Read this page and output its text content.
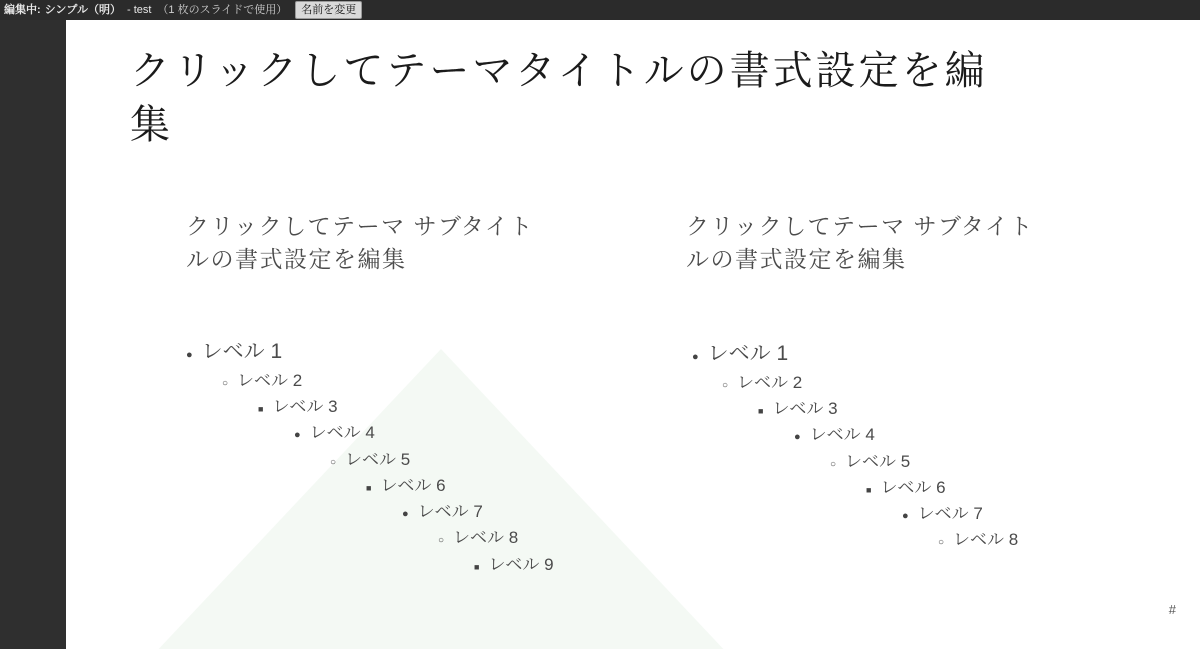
編集中: シンプル（明） - test （1 枚のスライドで使用）	名前を変更
クリックしてテーマタイトルの書式設定を編集
クリックしてテーマ サブタイトルの書式設定を編集
●
レベル 1
○
レベル 2
■
レベル 3
●
レベル 4
○
レベル 5
■
レベル 6
●
レベル 7
○
レベル 8
■
レベル 9
クリックしてテーマ サブタイトルの書式設定を編集
●
レベル 1
○
レベル 2
■
レベル 3
●
レベル 4
○
レベル 5
■
レベル 6
●
レベル 7
○
レベル 8
#
